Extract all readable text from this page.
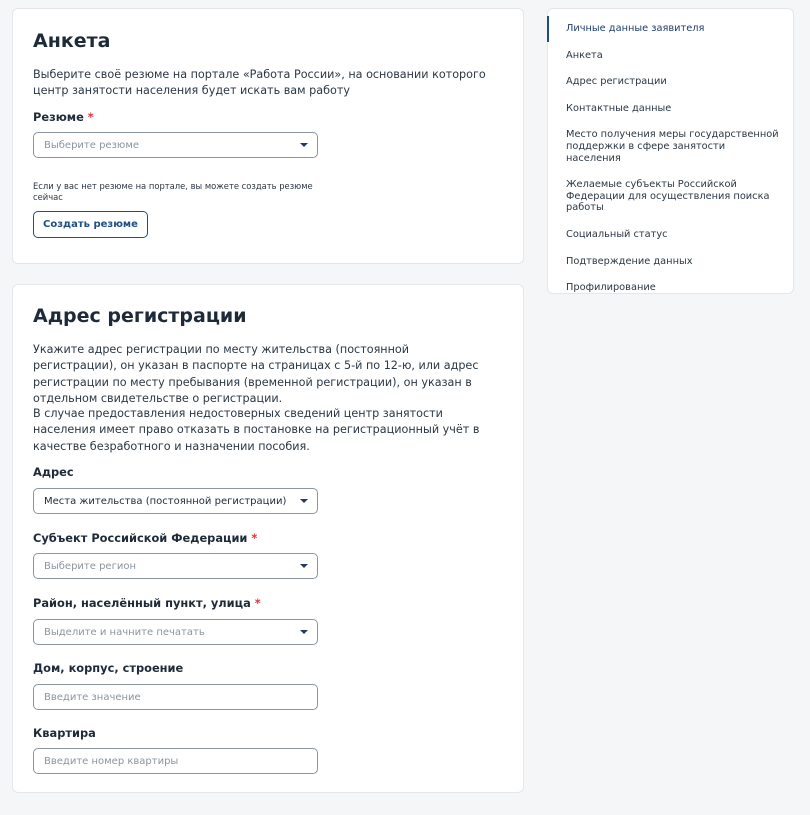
Анкета

Выберите своё резюме на портале «Работа России», на основании которого центр занятости населения будет искать вам работу

Резюме *
Выберите резюме

Если у вас нет резюме на портале, вы можете создать резюме сейчас

Создать резюме
Адрес регистрации

Укажите адрес регистрации по месту жительства (постоянной регистрации), он указан в паспорте на страницах с 5-й по 12-ю, или адрес регистрации по месту пребывания (временной регистрации), он указан в отдельном свидетельстве о регистрации.

В случае предоставления недостоверных сведений центр занятости населения имеет право отказать в постановке на регистрационный учёт в качестве безработного и назначении пособия.

Адрес
Места жительства (постоянной регистрации)
Субъект Российской Федерации *
Выберите регион
Район, населённый пункт, улица *
Выделите и начните печатать
Дом, корпус, строение
Введите значение
Квартира
Введите номер квартиры
Личные данные заявителя
Анкета
Адрес регистрации
Контактные данные
Место получения меры государственной поддержки в сфере занятости населения
Желаемые субъекты Российской Федерации для осуществления поиска работы
Социальный статус
Подтверждение данных
Профилирование
